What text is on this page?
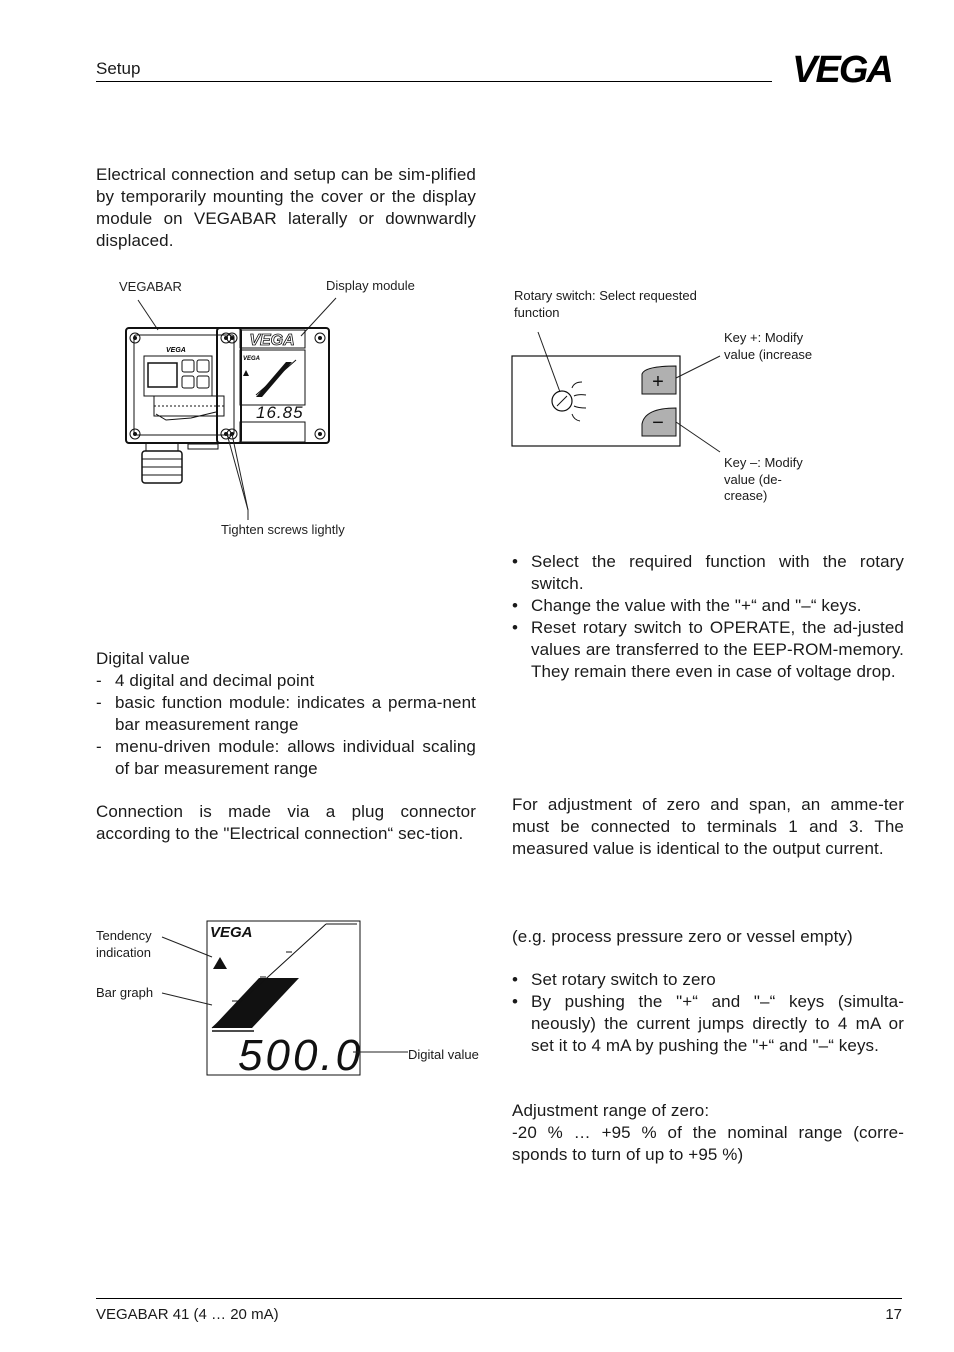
Setup	VEGA
Electrical connection and setup can be sim-plified by temporarily mounting the cover or the display module on VEGABAR laterally or downwardly displaced.
VEGABAR	Display module
VEGA
VEGA
VEGA
16.85
Tighten screws lightly
+
−
Rotary switch: Select requested function
Key +: Modify value (increase
Key –: Modify value (de-crease)
• Select the required function with the rotary switch.
• Change the value with the "+“ and "–“ keys.
• Reset rotary switch to OPERATE, the ad-justed values are transferred to the EEP-ROM-memory. They remain there even in case of voltage drop.
Digital value
- 4 digital and decimal point
- basic function module: indicates a perma-nent bar measurement range
- menu-driven module: allows individual scaling of bar measurement range
Connection is made via a plug connector according to the "Electrical connection“ sec-tion.
For adjustment of zero and span, an amme-ter must be connected to terminals 1 and 3. The measured value is identical to the output current.
Tendency indication
Bar graph
Digital value
VEGA
500.0
(e.g. process pressure zero or vessel empty)
• Set rotary switch to zero
• By pushing the "+“ and "–“ keys (simulta-neously) the current jumps directly to 4 mA or set it to 4 mA by pushing the "+“ and "–“ keys.
Adjustment range of zero:
-20 % … +95 % of the nominal range (corre-sponds to turn of up to +95 %)
VEGABAR 41 (4 … 20 mA)	17
